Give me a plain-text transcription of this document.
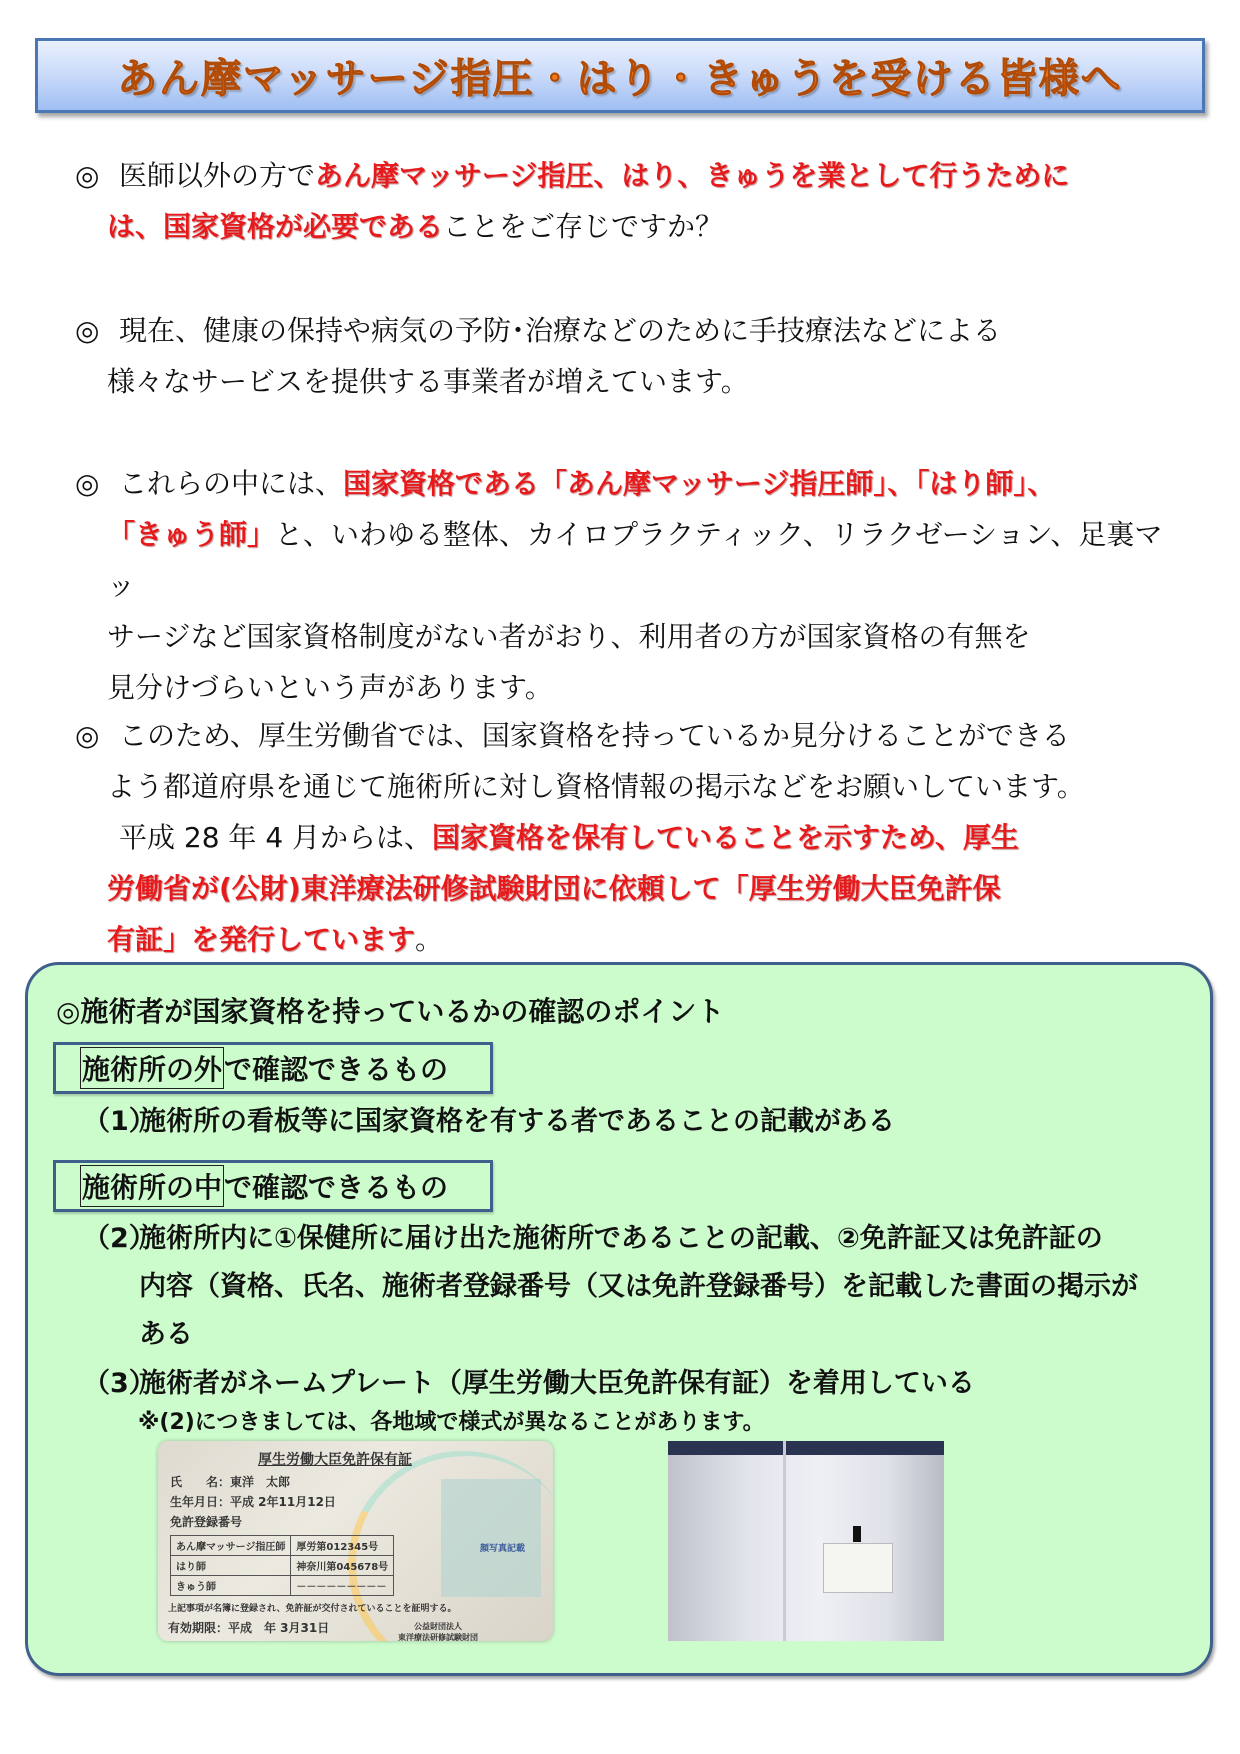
あん摩マッサージ指圧・はり・きゅうを受ける皆様へ
◎ 医師以外の方であん摩マッサージ指圧、はり、きゅうを業として行うために
は、国家資格が必要であることをご存じですか？
◎ 現在、健康の保持や病気の予防･治療などのために手技療法などによる
様々なサービスを提供する事業者が増えています。
◎ これらの中には、国家資格である「あん摩マッサージ指圧師」、「はり師」、
「きゅう師」と、いわゆる整体、カイロプラクティック、リラクゼーション、足裏マッ
サージなど国家資格制度がない者がおり、利用者の方が国家資格の有無を
見分けづらいという声があります。
◎ このため、厚生労働省では、国家資格を持っているか見分けることができる
よう都道府県を通じて施術所に対し資格情報の掲示などをお願いしています。
平成 28 年 4 月からは、国家資格を保有していることを示すため、厚生
労働省が(公財)東洋療法研修試験財団に依頼して「厚生労働大臣免許保
有証」を発行しています。
◎施術者が国家資格を持っているかの確認のポイント
施術所の外 で確認できるもの
（1）施術所の看板等に国家資格を有する者であることの記載がある
施術所の中 で確認できるもの
（2）施術所内に①保健所に届け出た施術所であることの記載、②免許証又は免許証の
内容（資格、氏名、施術者登録番号（又は免許登録番号）を記載した書面の掲示が
ある
（3）施術者がネームプレート（厚生労働大臣免許保有証）を着用している
※(2)につきましては、各地域で様式が異なることがあります。
厚生労働大臣免許保有証
氏　　名：東洋　太郎
生年月日：平成 2年11月12日
免許登録番号
あん摩マッサージ指圧師	厚労第012345号
はり師	神奈川第045678号
きゅう師	－－－－－－－－－
顔写真記載
上記事項が名簿に登録され、免許証が交付されていることを証明する。
有効期限：平成　年 3月31日	公益財団法人
東洋療法研修試験財団
